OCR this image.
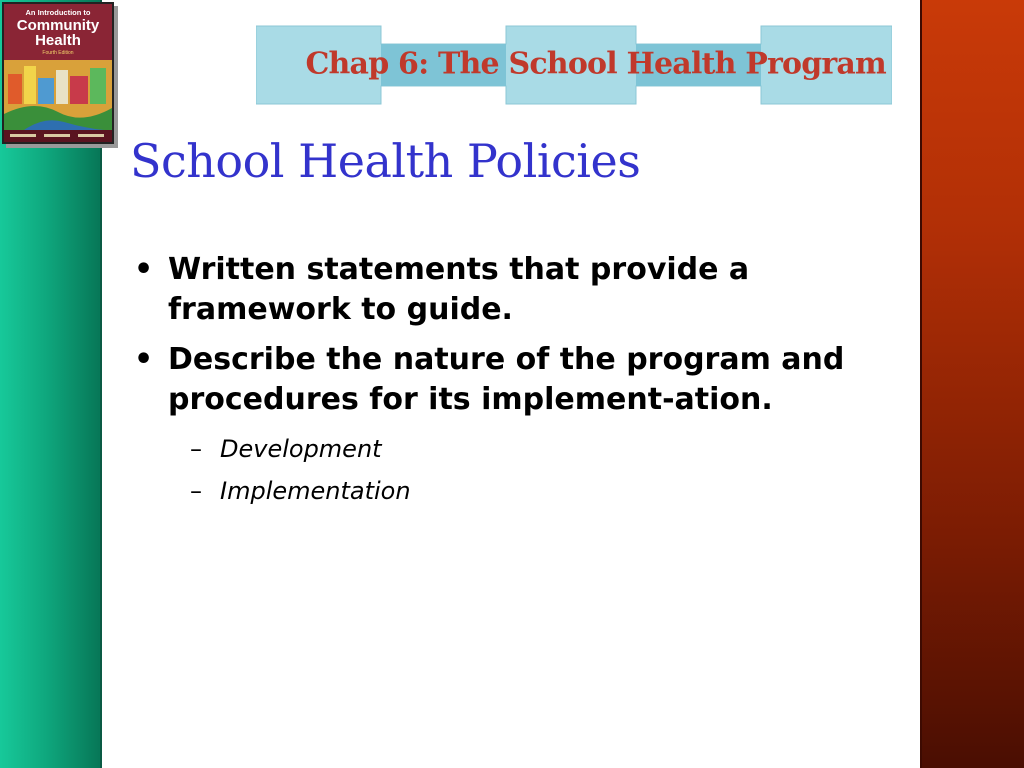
An Introduction to
Community
Health
Fourth Edition	Chap 6: The School Health Program
School Health Policies
• Written statements that provide a framework to guide.
• Describe the nature of the program and procedures for its implement-ation.
– Development
– Implementation
